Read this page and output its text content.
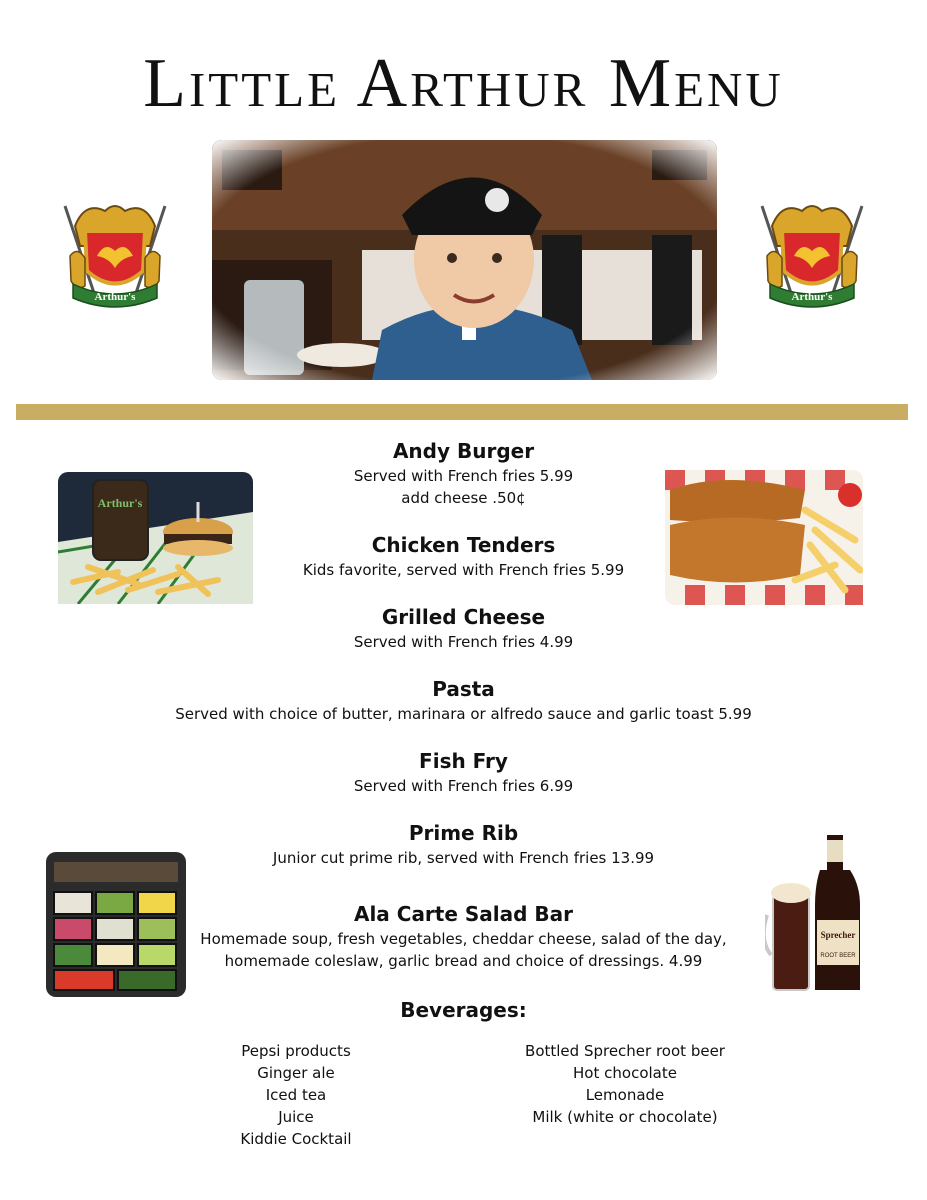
Little Arthur Menu
Arthur's	Arthur's
Arthur's
Andy Burger
Served with French fries 5.99
add cheese .50¢
Chicken Tenders
Kids favorite, served with French fries 5.99
Grilled Cheese
Served with French fries 4.99
Pasta
Served with choice of butter, marinara or alfredo sauce and garlic toast 5.99
Fish Fry
Served with French fries 6.99
Prime Rib
Junior cut prime rib, served with French fries 13.99
Ala Carte Salad Bar
Homemade soup, fresh vegetables, cheddar cheese, salad of the day,
homemade coleslaw, garlic bread and choice of dressings. 4.99
Sprecher
ROOT BEER
Beverages:
Pepsi products
Ginger ale
Iced tea
Juice
Kiddie Cocktail
Bottled Sprecher root beer
Hot chocolate
Lemonade
Milk (white or chocolate)
